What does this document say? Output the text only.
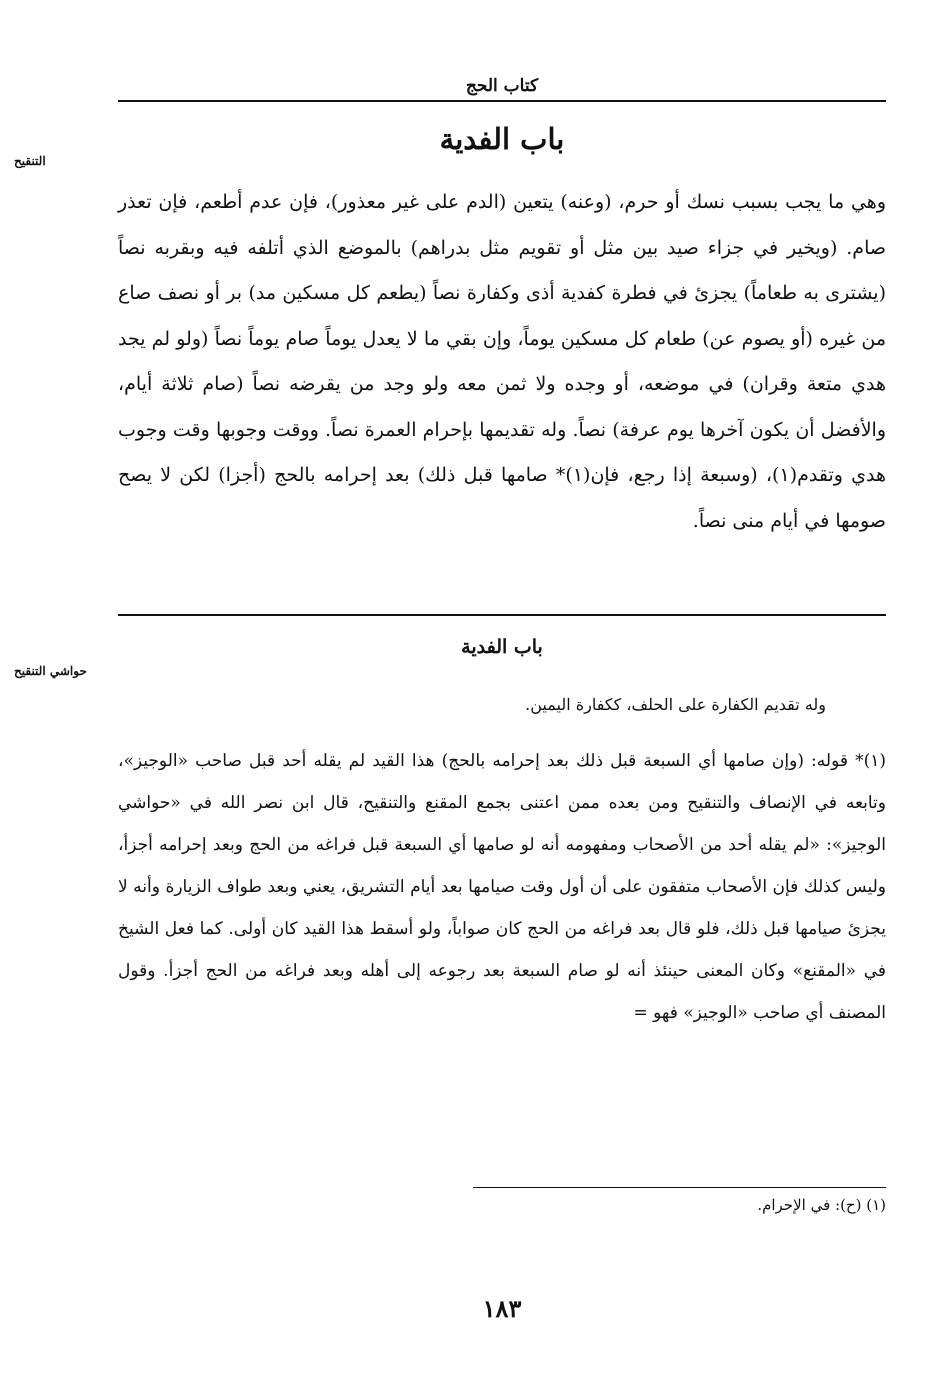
كتاب الحج
التنقيح
باب الفدية

وهي ما يجب بسبب نسك أو حرم، (وعنه) يتعين (الدم على غير معذور)، فإن عدم أطعم، فإن تعذر صام. (ويخير في جزاء صيد بين مثل أو تقويم مثل بدراهم) بالموضع الذي أتلفه فيه وبقربه نصاً (يشترى به طعاماً) يجزئ في فطرة كفدية أذى وكفارة نصاً (يطعم كل مسكين مد) بر أو نصف صاع من غيره (أو يصوم عن) طعام كل مسكين يوماً، وإن بقي ما لا يعدل يوماً صام يوماً نصاً (ولو لم يجد هدي متعة وقران) في موضعه، أو وجده ولا ثمن معه ولو وجد من يقرضه نصاً (صام ثلاثة أيام، والأفضل أن يكون آخرها يوم عرفة) نصاً. وله تقديمها بإحرام العمرة نصاً. ووقت وجوبها وقت وجوب هدي وتقدم(١)، (وسبعة إذا رجع، فإن(١)* صامها قبل ذلك) بعد إحرامه بالحج (أجزا) لكن لا يصح صومها في أيام منى نصاً.

حواشي التنقيح
باب الفدية
وله تقديم الكفارة على الحلف، ككفارة اليمين.

(١)* قوله: (وإن صامها أي السبعة قبل ذلك بعد إحرامه بالحج) هذا القيد لم يقله أحد قبل صاحب «الوجيز»، وتابعه في الإنصاف والتنقيح ومن بعده ممن اعتنى بجمع المقنع والتنقيح، قال ابن نصر الله في «حواشي الوجيز»: «لم يقله أحد من الأصحاب ومفهومه أنه لو صامها أي السبعة قبل فراغه من الحج وبعد إحرامه أجزأ، وليس كذلك فإن الأصحاب متفقون على أن أول وقت صيامها بعد أيام التشريق، يعني وبعد طواف الزيارة وأنه لا يجزئ صيامها قبل ذلك، فلو قال بعد فراغه من الحج كان صواباً، ولو أسقط هذا القيد كان أولى. كما فعل الشيخ في «المقنع» وكان المعنى حينئذ أنه لو صام السبعة بعد رجوعه إلى أهله وبعد فراغه من الحج أجزأ. وقول المصنف أي صاحب «الوجيز» فهو =

(١) (ح): في الإحرام.
١٨٣
